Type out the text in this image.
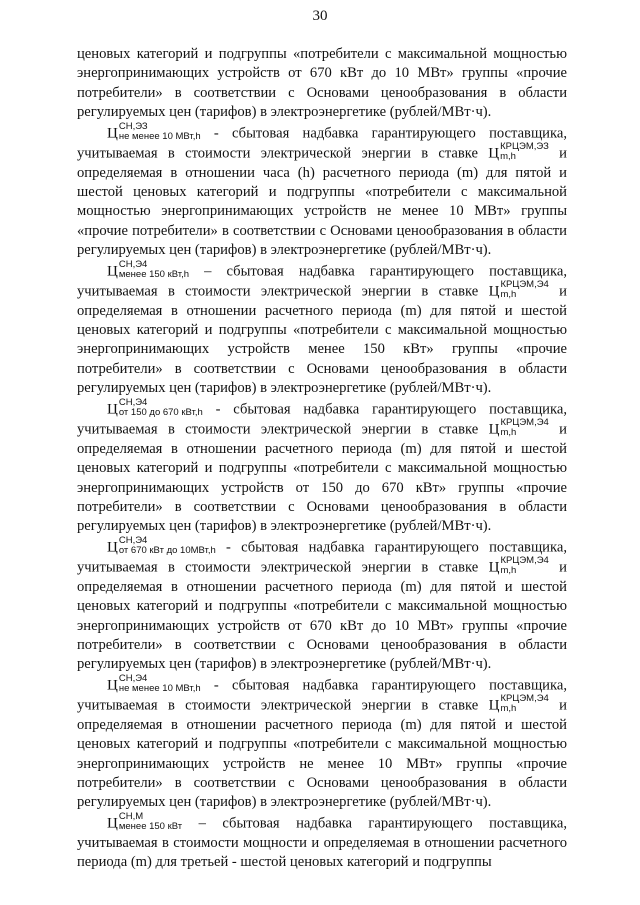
30

ценовых категорий и подгруппы «потребители с максимальной мощностью энергопринимающих устройств от 670 кВт до 10 МВт» группы «прочие потребители» в соответствии с Основами ценообразования в области регулируемых цен (тарифов) в электроэнергетике (рублей/МВт·ч).

Ц СН,ЭЗ
не менее 10 МВт,h - сбытовая надбавка гарантирующего поставщика, учитываемая в стоимости электрической энергии в ставке Ц КРЦЭМ,ЭЗ
m,h	и определяемая в отношении часа (h) расчетного периода (m) для пятой и шестой ценовых категорий и подгруппы «потребители с максимальной мощностью энергопринимающих устройств не менее 10 МВт» группы «прочие потребители» в соответствии с Основами ценообразования в области регулируемых цен (тарифов) в электроэнергетике (рублей/МВт·ч).

Ц СН,Э4
менее 150 кВт,h – сбытовая надбавка гарантирующего поставщика, учитываемая в стоимости электрической энергии в ставке Ц КРЦЭМ,Э4
m,h	и определяемая в отношении расчетного периода (m) для пятой и шестой ценовых категорий и подгруппы «потребители с максимальной мощностью энергопринимающих устройств менее 150 кВт» группы «прочие потребители» в соответствии с Основами ценообразования в области регулируемых цен (тарифов) в электроэнергетике (рублей/МВт·ч).

Ц СН,Э4
от 150 до 670 кВт,h - сбытовая надбавка гарантирующего поставщика, учитываемая в стоимости электрической энергии в ставке Ц КРЦЭМ,Э4
m,h	и определяемая в отношении расчетного периода (m) для пятой и шестой ценовых категорий и подгруппы «потребители с максимальной мощностью энергопринимающих устройств от 150 до 670 кВт» группы «прочие потребители» в соответствии с Основами ценообразования в области регулируемых цен (тарифов) в электроэнергетике (рублей/МВт·ч).

Ц СН,Э4
от 670 кВт до 10МВт,h - сбытовая надбавка гарантирующего поставщика, учитываемая в стоимости электрической энергии в ставке Ц КРЦЭМ,Э4
m,h	и определяемая в отношении расчетного периода (m) для пятой и шестой ценовых категорий и подгруппы «потребители с максимальной мощностью энергопринимающих устройств от 670 кВт до 10 МВт» группы «прочие потребители» в соответствии с Основами ценообразования в области регулируемых цен (тарифов) в электроэнергетике (рублей/МВт·ч).

Ц СН,Э4
не менее 10 МВт,h - сбытовая надбавка гарантирующего поставщика, учитываемая в стоимости электрической энергии в ставке Ц КРЦЭМ,Э4
m,h	и определяемая в отношении расчетного периода (m) для пятой и шестой ценовых категорий и подгруппы «потребители с максимальной мощностью энергопринимающих устройств не менее 10 МВт» группы «прочие потребители» в соответствии с Основами ценообразования в области регулируемых цен (тарифов) в электроэнергетике (рублей/МВт·ч).

Ц СН,М
менее 150 кВт – сбытовая надбавка гарантирующего поставщика, учитываемая в стоимости мощности и определяемая в отношении расчетного периода (m) для третьей - шестой ценовых категорий и подгруппы
